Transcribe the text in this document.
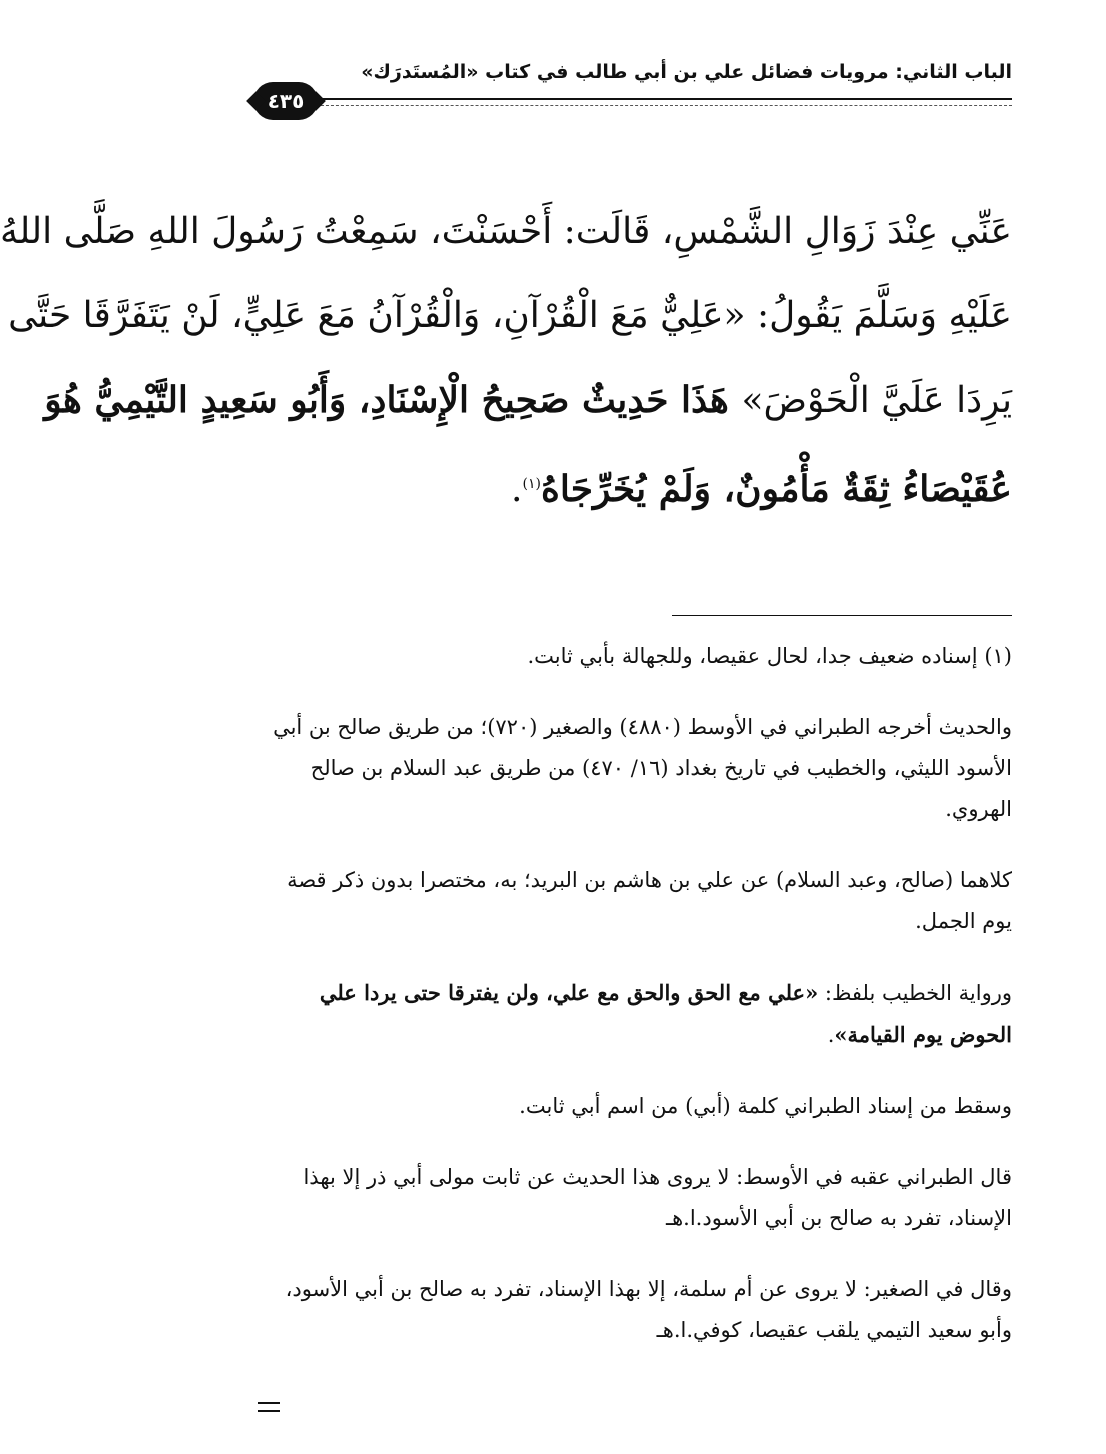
الباب الثاني: مرويات فضائل علي بن أبي طالب في كتاب «المُستَدرَك»
٤٣٥
عَنِّي عِنْدَ زَوَالِ الشَّمْسِ، قَالَت: أَحْسَنْتَ، سَمِعْتُ رَسُولَ اللهِ صَلَّى اللهُ
عَلَيْهِ وَسَلَّمَ يَقُولُ: «عَلِيٌّ مَعَ الْقُرْآنِ، وَالْقُرْآنُ مَعَ عَلِيٍّ، لَنْ يَتَفَرَّقَا حَتَّى
يَرِدَا عَلَيَّ الْحَوْضَ» هَذَا حَدِيثٌ صَحِيحُ الْإِسْنَادِ، وَأَبُو سَعِيدٍ التَّيْمِيُّ هُوَ
عُقَيْصَاءُ ثِقَةٌ مَأْمُونٌ، وَلَمْ يُخَرِّجَاهُ$^{(١)}$.

(١) إسناده ضعيف جدا، لحال عقيصا، وللجهالة بأبي ثابت.

والحديث أخرجه الطبراني في الأوسط (٤٨٨٠) والصغير (٧٢٠)؛ من طريق صالح بن أبي الأسود الليثي، والخطيب في تاريخ بغداد (١٦/ ٤٧٠) من طريق عبد السلام بن صالح الهروي.

كلاهما (صالح، وعبد السلام) عن علي بن هاشم بن البريد؛ به، مختصرا بدون ذكر قصة يوم الجمل.

ورواية الخطيب بلفظ: «علي مع الحق والحق مع علي، ولن يفترقا حتى يردا علي الحوض يوم القيامة».

وسقط من إسناد الطبراني كلمة (أبي) من اسم أبي ثابت.

قال الطبراني عقبه في الأوسط: لا يروى هذا الحديث عن ثابت مولى أبي ذر إلا بهذا الإسناد، تفرد به صالح بن أبي الأسود.ا.هـ

وقال في الصغير: لا يروى عن أم سلمة، إلا بهذا الإسناد، تفرد به صالح بن أبي الأسود، وأبو سعيد التيمي يلقب عقيصا، كوفي.ا.هـ
